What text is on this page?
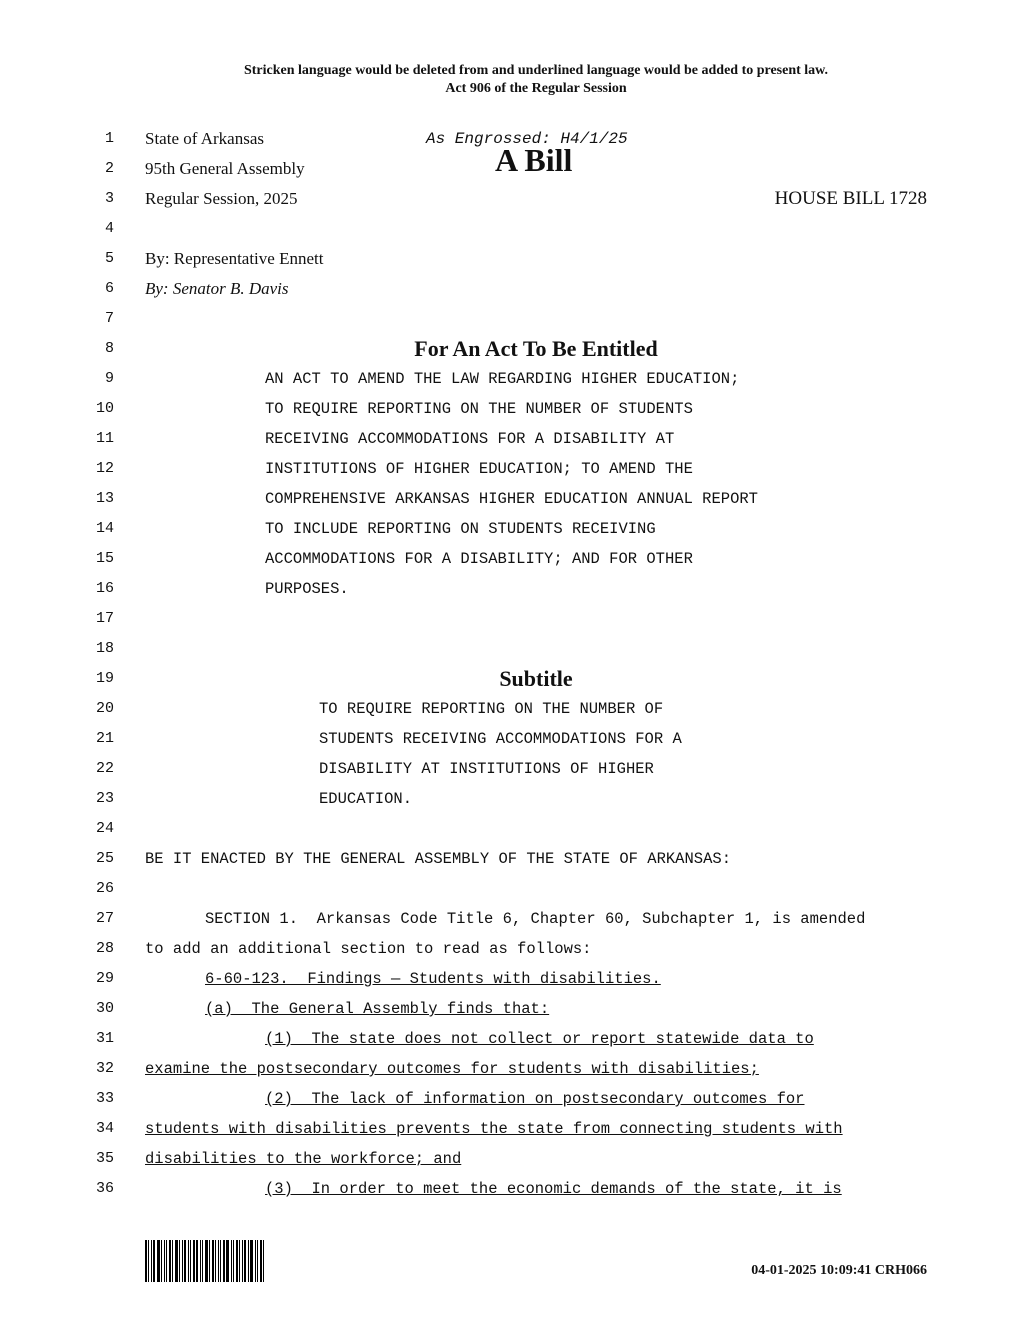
Stricken language would be deleted from and underlined language would be added to present law.
Act 906 of the Regular Session
1 State of Arkansas	As Engrossed: H4/1/25
2 95th General Assembly	A Bill
3 Regular Session, 2025	HOUSE BILL 1728
4
5 By: Representative Ennett
6 By: Senator B. Davis
7
8	For An Act To Be Entitled
9	AN ACT TO AMEND THE LAW REGARDING HIGHER EDUCATION;
10	TO REQUIRE REPORTING ON THE NUMBER OF STUDENTS
11	RECEIVING ACCOMMODATIONS FOR A DISABILITY AT
12	INSTITUTIONS OF HIGHER EDUCATION; TO AMEND THE
13	COMPREHENSIVE ARKANSAS HIGHER EDUCATION ANNUAL REPORT
14	TO INCLUDE REPORTING ON STUDENTS RECEIVING
15	ACCOMMODATIONS FOR A DISABILITY; AND FOR OTHER
16	PURPOSES.
17
18
19	Subtitle
20	TO REQUIRE REPORTING ON THE NUMBER OF
21	STUDENTS RECEIVING ACCOMMODATIONS FOR A
22	DISABILITY AT INSTITUTIONS OF HIGHER
23	EDUCATION.
24
25 BE IT ENACTED BY THE GENERAL ASSEMBLY OF THE STATE OF ARKANSAS:
26
27	SECTION 1.  Arkansas Code Title 6, Chapter 60, Subchapter 1, is amended
28 to add an additional section to read as follows:
29	6-60-123.  Findings — Students with disabilities.
30	(a)  The General Assembly finds that:
31	(1)  The state does not collect or report statewide data to
32 examine the postsecondary outcomes for students with disabilities;
33	(2)  The lack of information on postsecondary outcomes for
34 students with disabilities prevents the state from connecting students with
35 disabilities to the workforce; and
36	(3)  In order to meet the economic demands of the state, it is
04-01-2025 10:09:41 CRH066
